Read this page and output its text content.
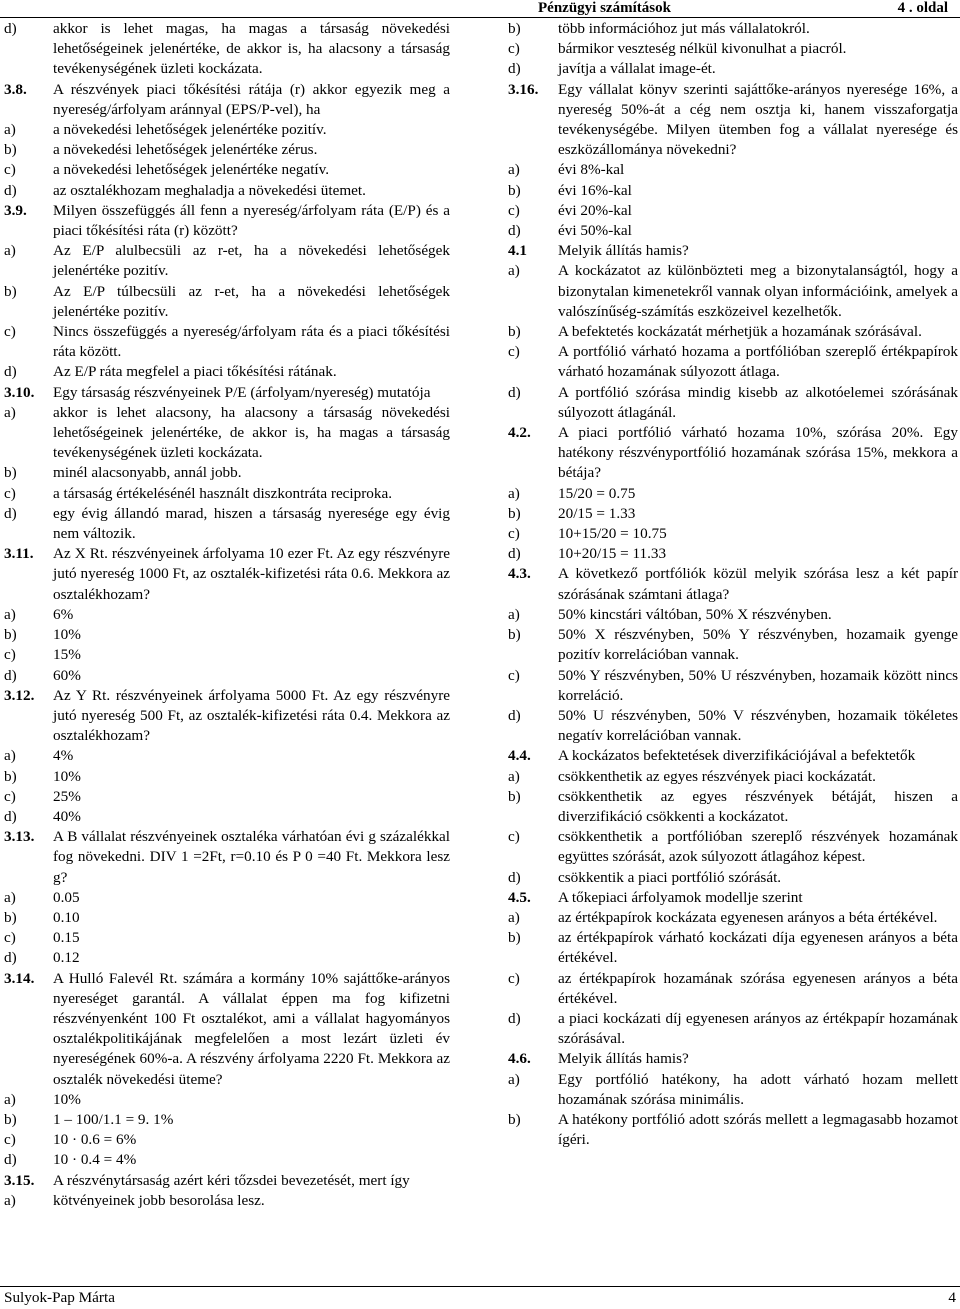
Pénzügyi számítások	4 . oldal
d)	akkor is lehet magas, ha magas a társaság növekedési lehetőségeinek jelenértéke, de akkor is, ha alacsony a társaság tevékenységének üzleti kockázata.
3.8.	A részvények piaci tőkésítési rátája (r) akkor egyezik meg a nyereség/árfolyam aránnyal (EPS/P-vel), ha
a)	a növekedési lehetőségek jelenértéke pozitív.
b)	a növekedési lehetőségek jelenértéke zérus.
c)	a növekedési lehetőségek jelenértéke negatív.
d)	az osztalékhozam meghaladja a növekedési ütemet.
3.9.	Milyen összefüggés áll fenn a nyereség/árfolyam ráta (E/P) és a piaci tőkésítési ráta (r) között?
a)	Az E/P alulbecsüli az r-et, ha a növekedési lehetőségek jelenértéke pozitív.
b)	Az E/P túlbecsüli az r-et, ha a növekedési lehetőségek jelenértéke pozitív.
c)	Nincs összefüggés a nyereség/árfolyam ráta és a piaci tőkésítési ráta között.
d)	Az E/P ráta megfelel a piaci tőkésítési rátának.
3.10.	Egy társaság részvényeinek P/E (árfolyam/nyereség) mutatója
a)	akkor is lehet alacsony, ha alacsony a társaság növekedési lehetőségeinek jelenértéke, de akkor is, ha magas a társaság tevékenységének üzleti kockázata.
b)	minél alacsonyabb, annál jobb.
c)	a társaság értékelésénél használt diszkontráta reciproka.
d)	egy évig állandó marad, hiszen a társaság nyeresége egy évig nem változik.
3.11.	Az X Rt. részvényeinek árfolyama 10 ezer Ft. Az egy részvényre jutó nyereség 1000 Ft, az osztalék-kifizetési ráta 0.6. Mekkora az osztalékhozam?
a)	6%
b)	10%
c)	15%
d)	60%
3.12.	Az Y Rt. részvényeinek árfolyama 5000 Ft. Az egy részvényre jutó nyereség 500 Ft, az osztalék-kifizetési ráta 0.4. Mekkora az osztalékhozam?
a)	4%
b)	10%
c)	25%
d)	40%
3.13.	A B vállalat részvényeinek osztaléka várhatóan évi g százalékkal fog növekedni. DIV 1 =2Ft, r=0.10 és P 0 =40 Ft. Mekkora lesz g?
a)	0.05
b)	0.10
c)	0.15
d)	0.12
3.14.	A Hulló Falevél Rt. számára a kormány 10% sajáttőke-arányos nyereséget garantál. A vállalat éppen ma fog kifizetni részvényenként 100 Ft osztalékot, ami a vállalat hagyományos osztalékpolitikájának megfelelően a most lezárt üzleti év nyereségének 60%-a. A részvény árfolyama 2220 Ft. Mekkora az osztalék növekedési üteme?
a)	10%
b)	1 – 100/1.1 = 9. 1%
c)	10 · 0.6 = 6%
d)	10 · 0.4 = 4%
3.15.	A részvénytársaság azért kéri tőzsdei bevezetését, mert így
a)	kötvényeinek jobb besorolása lesz.
b)	több információhoz jut más vállalatokról.
c)	bármikor veszteség nélkül kivonulhat a piacról.
d)	javítja a vállalat image-ét.
3.16.	Egy vállalat könyv szerinti sajáttőke-arányos nyeresége 16%, a nyereség 50%-át a cég nem osztja ki, hanem visszaforgatja tevékenységébe. Milyen ütemben fog a vállalat nyeresége és eszközállománya növekedni?
a)	évi 8%-kal
b)	évi 16%-kal
c)	évi 20%-kal
d)	évi 50%-kal
4.1	Melyik állítás hamis?
a)	A kockázatot az különbözteti meg a bizonytalanságtól, hogy a bizonytalan kimenetekről vannak olyan információink, amelyek a valószínűség-számítás eszközeivel kezelhetők.
b)	A befektetés kockázatát mérhetjük a hozamának szórásával.
c)	A portfólió várható hozama a portfólióban szereplő értékpapírok várható hozamának súlyozott átlaga.
d)	A portfólió szórása mindig kisebb az alkotóelemei szórásának súlyozott átlagánál.
4.2.	A piaci portfólió várható hozama 10%, szórása 20%. Egy hatékony részvényportfólió hozamának szórása 15%, mekkora a bétája?
a)	15/20 = 0.75
b)	20/15 = 1.33
c)	10+15/20 = 10.75
d)	10+20/15 = 11.33
4.3.	A következő portfóliók közül melyik szórása lesz a két papír szórásának számtani átlaga?
a)	50% kincstári váltóban, 50% X részvényben.
b)	50% X részvényben, 50% Y részvényben, hozamaik gyenge pozitív korrelációban vannak.
c)	50% Y részvényben, 50% U részvényben, hozamaik között nincs korreláció.
d)	50% U részvényben, 50% V részvényben, hozamaik tökéletes negatív korrelációban vannak.
4.4.	A kockázatos befektetések diverzifikációjával a befektetők
a)	csökkenthetik az egyes részvények piaci kockázatát.
b)	csökkenthetik az egyes részvények bétáját, hiszen a diverzifikáció csökkenti a kockázatot.
c)	csökkenthetik a portfólióban szereplő részvények hozamának együttes szórását, azok súlyozott átlagához képest.
d)	csökkentik a piaci portfólió szórását.
4.5.	A tőkepiaci árfolyamok modellje szerint
a)	az értékpapírok kockázata egyenesen arányos a béta értékével.
b)	az értékpapírok várható kockázati díja egyenesen arányos a béta értékével.
c)	az értékpapírok hozamának szórása egyenesen arányos a béta értékével.
d)	a piaci kockázati díj egyenesen arányos az értékpapír hozamának szórásával.
4.6.	Melyik állítás hamis?
a)	Egy portfólió hatékony, ha adott várható hozam mellett hozamának szórása minimális.
b)	A hatékony portfólió adott szórás mellett a legmagasabb hozamot ígéri.
Sulyok-Pap Márta	4
